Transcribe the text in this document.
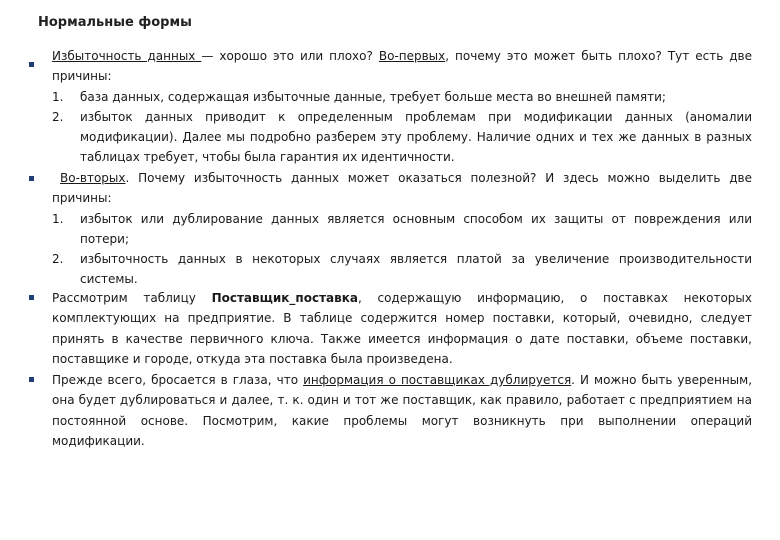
Нормальные формы
Избыточность данных — хорошо это или плохо? Во-первых, почему это может быть плохо? Тут есть две причины:
1. база данных, содержащая избыточные данные, требует больше места во внешней памяти;
2. избыток данных приводит к определенным проблемам при модификации данных (аномалии модификации). Далее мы подробно разберем эту проблему. Наличие одних и тех же данных в разных таблицах требует, чтобы была гарантия их идентичности.
Во-вторых. Почему избыточность данных может оказаться полезной? И здесь можно выделить две причины:
1. избыток или дублирование данных является основным способом их защиты от повреждения или потери;
2. избыточность данных в некоторых случаях является платой за увеличение производительности системы.
Рассмотрим таблицу Поставщик_поставка, содержащую информацию, о поставках некоторых комплектующих на предприятие. В таблице содержится номер поставки, который, очевидно, следует принять в качестве первичного ключа. Также имеется информация о дате поставки, объеме поставки, поставщике и городе, откуда эта поставка была произведена.
Прежде всего, бросается в глаза, что информация о поставщиках дублируется. И можно быть уверенным, она будет дублироваться и далее, т. к. один и тот же поставщик, как правило, работает с предприятием на постоянной основе. Посмотрим, какие проблемы могут возникнуть при выполнении операций модификации.
